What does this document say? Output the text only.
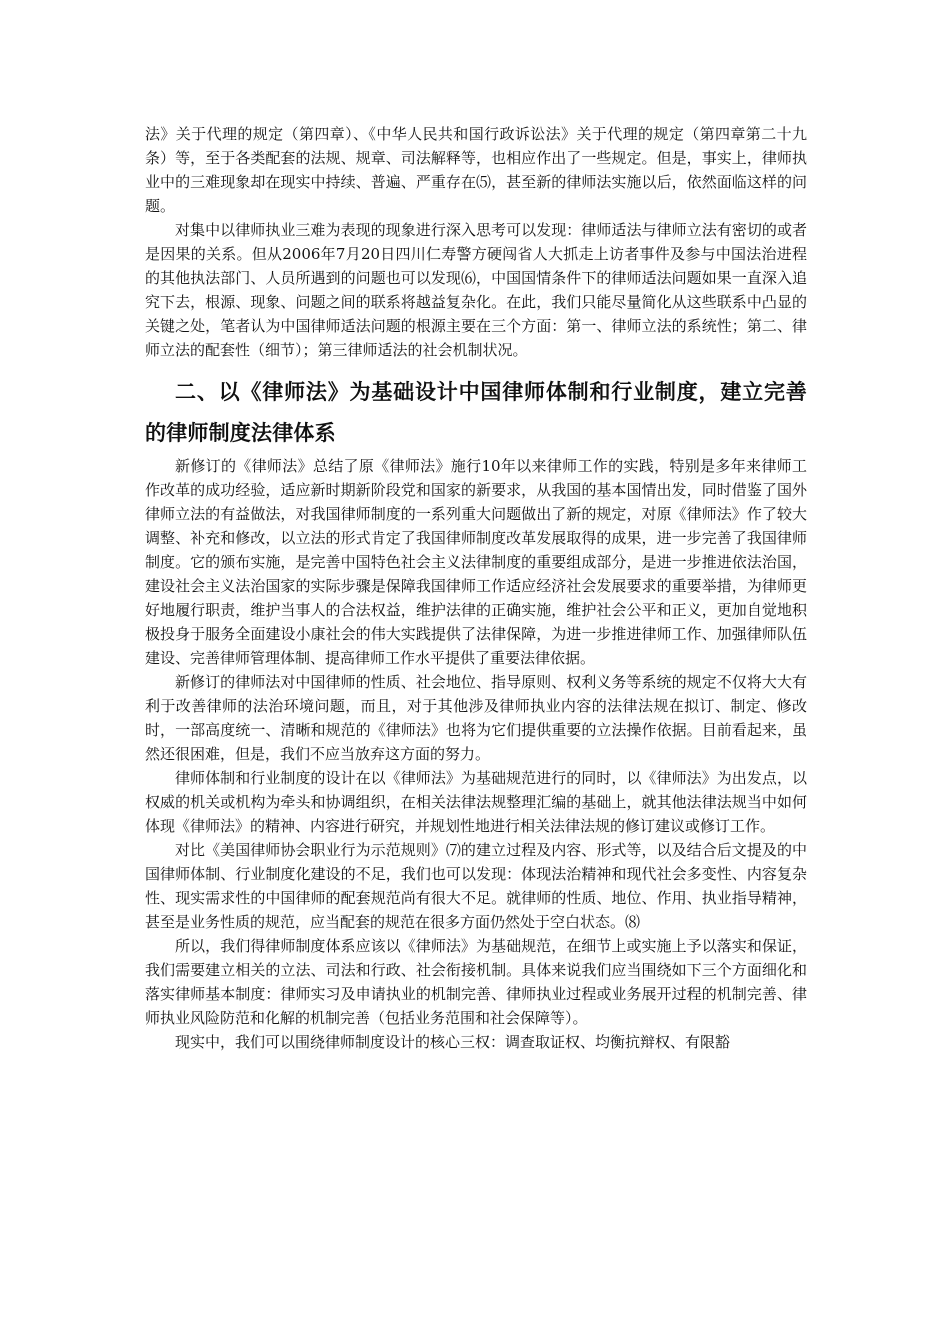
法》关于代理的规定（第四章）、《中华人民共和国行政诉讼法》关于代理的规定（第四章第二十九条）等，至于各类配套的法规、规章、司法解释等，也相应作出了一些规定。但是，事实上，律师执业中的三难现象却在现实中持续、普遍、严重存在⑸，甚至新的律师法实施以后，依然面临这样的问题。

对集中以律师执业三难为表现的现象进行深入思考可以发现：律师适法与律师立法有密切的或者是因果的关系。但从2006年7月20日四川仁寿警方硬闯省人大抓走上访者事件及参与中国法治进程的其他执法部门、人员所遇到的问题也可以发现⑹，中国国情条件下的律师适法问题如果一直深入追究下去，根源、现象、问题之间的联系将越益复杂化。在此，我们只能尽量简化从这些联系中凸显的关键之处，笔者认为中国律师适法问题的根源主要在三个方面：第一、律师立法的系统性；第二、律师立法的配套性（细节）；第三律师适法的社会机制状况。

二、以《律师法》为基础设计中国律师体制和行业制度，建立完善的律师制度法律体系

新修订的《律师法》总结了原《律师法》施行10年以来律师工作的实践，特别是多年来律师工作改革的成功经验，适应新时期新阶段党和国家的新要求，从我国的基本国情出发，同时借鉴了国外律师立法的有益做法，对我国律师制度的一系列重大问题做出了新的规定，对原《律师法》作了较大调整、补充和修改，以立法的形式肯定了我国律师制度改革发展取得的成果，进一步完善了我国律师制度。它的颁布实施，是完善中国特色社会主义法律制度的重要组成部分，是进一步推进依法治国，建设社会主义法治国家的实际步骤是保障我国律师工作适应经济社会发展要求的重要举措，为律师更好地履行职责，维护当事人的合法权益，维护法律的正确实施，维护社会公平和正义，更加自觉地积极投身于服务全面建设小康社会的伟大实践提供了法律保障，为进一步推进律师工作、加强律师队伍建设、完善律师管理体制、提高律师工作水平提供了重要法律依据。

新修订的律师法对中国律师的性质、社会地位、指导原则、权利义务等系统的规定不仅将大大有利于改善律师的法治环境问题，而且，对于其他涉及律师执业内容的法律法规在拟订、制定、修改时，一部高度统一、清晰和规范的《律师法》也将为它们提供重要的立法操作依据。目前看起来，虽然还很困难，但是，我们不应当放弃这方面的努力。

律师体制和行业制度的设计在以《律师法》为基础规范进行的同时，以《律师法》为出发点，以权威的机关或机构为牵头和协调组织，在相关法律法规整理汇编的基础上，就其他法律法规当中如何体现《律师法》的精神、内容进行研究，并规划性地进行相关法律法规的修订建议或修订工作。

对比《美国律师协会职业行为示范规则》⑺的建立过程及内容、形式等，以及结合后文提及的中国律师体制、行业制度化建设的不足，我们也可以发现：体现法治精神和现代社会多变性、内容复杂性、现实需求性的中国律师的配套规范尚有很大不足。就律师的性质、地位、作用、执业指导精神，甚至是业务性质的规范，应当配套的规范在很多方面仍然处于空白状态。⑻

所以，我们得律师制度体系应该以《律师法》为基础规范，在细节上或实施上予以落实和保证，我们需要建立相关的立法、司法和行政、社会衔接机制。具体来说我们应当围绕如下三个方面细化和落实律师基本制度：律师实习及申请执业的机制完善、律师执业过程或业务展开过程的机制完善、律师执业风险防范和化解的机制完善（包括业务范围和社会保障等）。

现实中，我们可以围绕律师制度设计的核心三权：调查取证权、均衡抗辩权、有限豁
